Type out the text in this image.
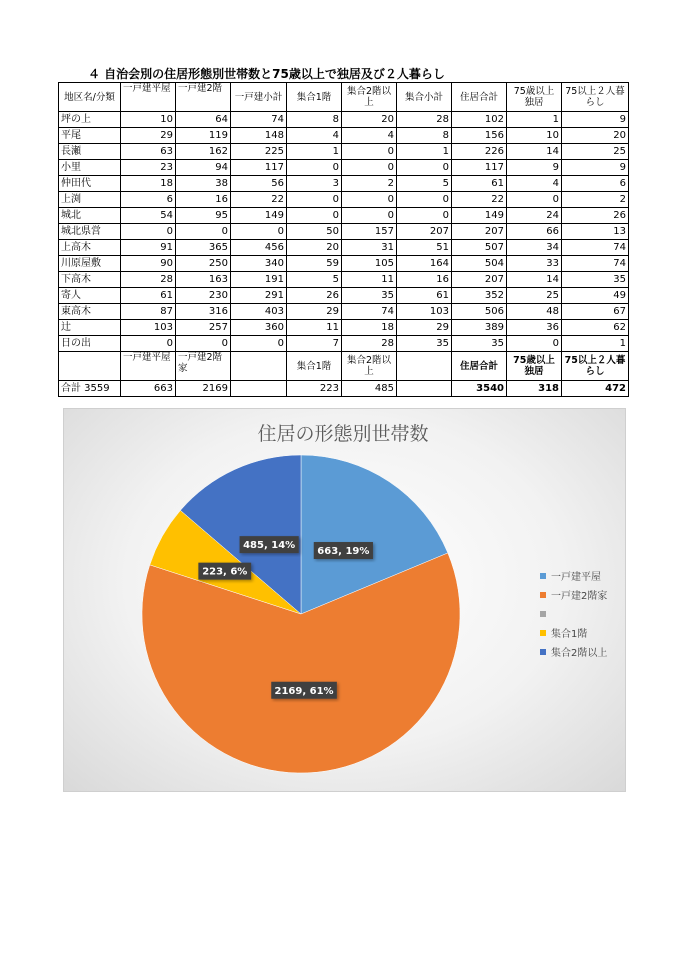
４ 自治会別の住居形態別世帯数と75歳以上で独居及び２人暮らし
地区名/分類	一戸建平屋	一戸建2階	一戸建小計	集合1階	集合2階以上	集合小計	住居合計	75歳以上独居	75以上２人暮らし
坪の上	10	64	74	8	20	28	102	1	9
平尾	29	119	148	4	4	8	156	10	20
長瀬	63	162	225	1	0	1	226	14	25
小里	23	94	117	0	0	0	117	9	9
仲田代	18	38	56	3	2	5	61	4	6
上渕	6	16	22	0	0	0	22	0	2
城北	54	95	149	0	0	0	149	24	26
城北県営	0	0	0	50	157	207	207	66	13
上高木	91	365	456	20	31	51	507	34	74
川原屋敷	90	250	340	59	105	164	504	33	74
下高木	28	163	191	5	11	16	207	14	35
寄人	61	230	291	26	35	61	352	25	49
東高木	87	316	403	29	74	103	506	48	67
辻	103	257	360	11	18	29	389	36	62
日の出	0	0	0	7	28	35	35	0	1
	一戸建平屋	一戸建2階家		集合1階	集合2階以上		住居合計	75歳以上独居	75以上２人暮らし
合計 3559	663	2169		223	485		3540	318	472
住居の形態別世帯数
663, 19%
2169, 61%
223, 6%
485, 14%
一戸建平屋
一戸建2階家
集合1階
集合2階以上
